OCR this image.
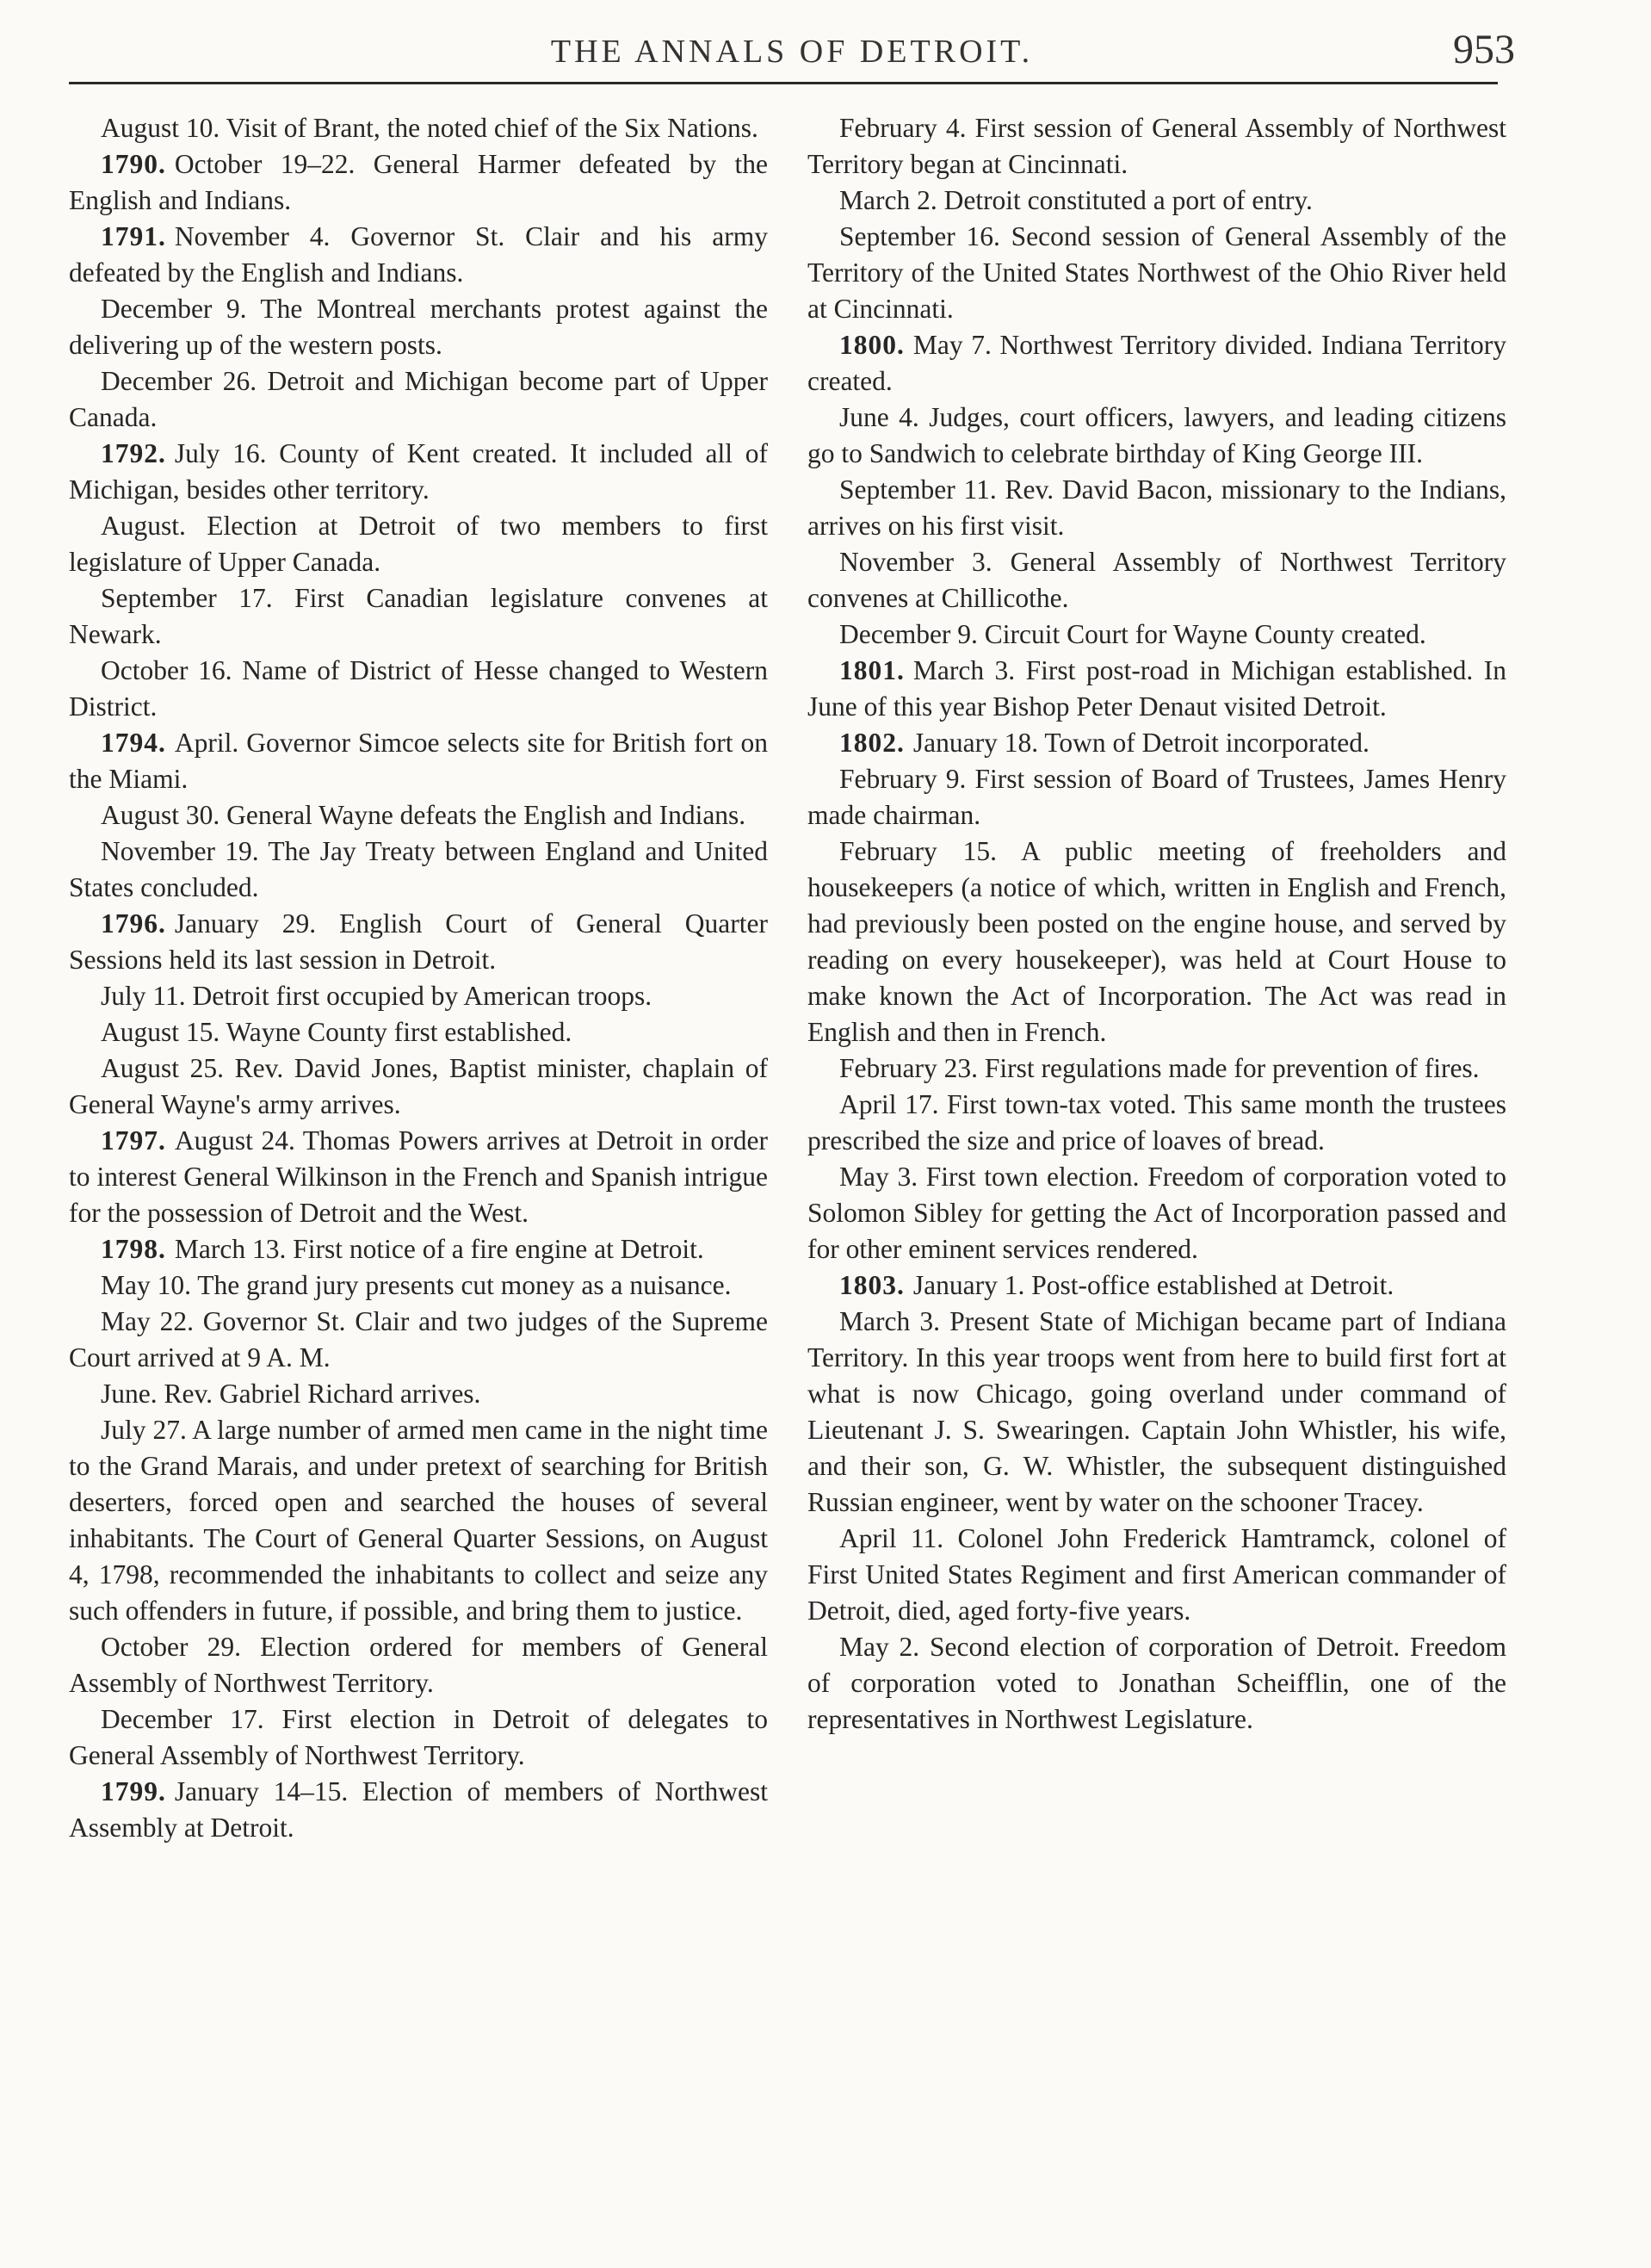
THE ANNALS OF DETROIT.	953

August 10. Visit of Brant, the noted chief of the Six Nations.

1790. October 19–22. General Harmer defeated by the English and Indians.

1791. November 4. Governor St. Clair and his army defeated by the English and Indians.

December 9. The Montreal merchants protest against the delivering up of the western posts.

December 26. Detroit and Michigan become part of Upper Canada.

1792. July 16. County of Kent created. It included all of Michigan, besides other territory.

August. Election at Detroit of two members to first legislature of Upper Canada.

September 17. First Canadian legislature convenes at Newark.

October 16. Name of District of Hesse changed to Western District.

1794. April. Governor Simcoe selects site for British fort on the Miami.

August 30. General Wayne defeats the English and Indians.

November 19. The Jay Treaty between England and United States concluded.

1796. January 29. English Court of General Quarter Sessions held its last session in Detroit.

July 11. Detroit first occupied by American troops.

August 15. Wayne County first established.

August 25. Rev. David Jones, Baptist minister, chaplain of General Wayne's army arrives.

1797. August 24. Thomas Powers arrives at Detroit in order to interest General Wilkinson in the French and Spanish intrigue for the possession of Detroit and the West.

1798. March 13. First notice of a fire engine at Detroit.

May 10. The grand jury presents cut money as a nuisance.

May 22. Governor St. Clair and two judges of the Supreme Court arrived at 9 A. M.

June. Rev. Gabriel Richard arrives.

July 27. A large number of armed men came in the night time to the Grand Marais, and under pretext of searching for British deserters, forced open and searched the houses of several inhabitants. The Court of General Quarter Sessions, on August 4, 1798, recommended the inhabitants to collect and seize any such offenders in future, if possible, and bring them to justice.

October 29. Election ordered for members of General Assembly of Northwest Territory.

December 17. First election in Detroit of delegates to General Assembly of Northwest Territory.

1799. January 14–15. Election of members of Northwest Assembly at Detroit.

February 4. First session of General Assembly of Northwest Territory began at Cincinnati.

March 2. Detroit constituted a port of entry.

September 16. Second session of General Assembly of the Territory of the United States Northwest of the Ohio River held at Cincinnati.

1800. May 7. Northwest Territory divided. Indiana Territory created.

June 4. Judges, court officers, lawyers, and leading citizens go to Sandwich to celebrate birthday of King George III.

September 11. Rev. David Bacon, missionary to the Indians, arrives on his first visit.

November 3. General Assembly of Northwest Territory convenes at Chillicothe.

December 9. Circuit Court for Wayne County created.

1801. March 3. First post-road in Michigan established. In June of this year Bishop Peter Denaut visited Detroit.

1802. January 18. Town of Detroit incorporated.

February 9. First session of Board of Trustees, James Henry made chairman.

February 15. A public meeting of freeholders and housekeepers (a notice of which, written in English and French, had previously been posted on the engine house, and served by reading on every housekeeper), was held at Court House to make known the Act of Incorporation. The Act was read in English and then in French.

February 23. First regulations made for prevention of fires.

April 17. First town-tax voted. This same month the trustees prescribed the size and price of loaves of bread.

May 3. First town election. Freedom of corporation voted to Solomon Sibley for getting the Act of Incorporation passed and for other eminent services rendered.

1803. January 1. Post-office established at Detroit.

March 3. Present State of Michigan became part of Indiana Territory. In this year troops went from here to build first fort at what is now Chicago, going overland under command of Lieutenant J. S. Swearingen. Captain John Whistler, his wife, and their son, G. W. Whistler, the subsequent distinguished Russian engineer, went by water on the schooner Tracey.

April 11. Colonel John Frederick Hamtramck, colonel of First United States Regiment and first American commander of Detroit, died, aged forty-five years.

May 2. Second election of corporation of Detroit. Freedom of corporation voted to Jonathan Scheifflin, one of the representatives in Northwest Legislature.
